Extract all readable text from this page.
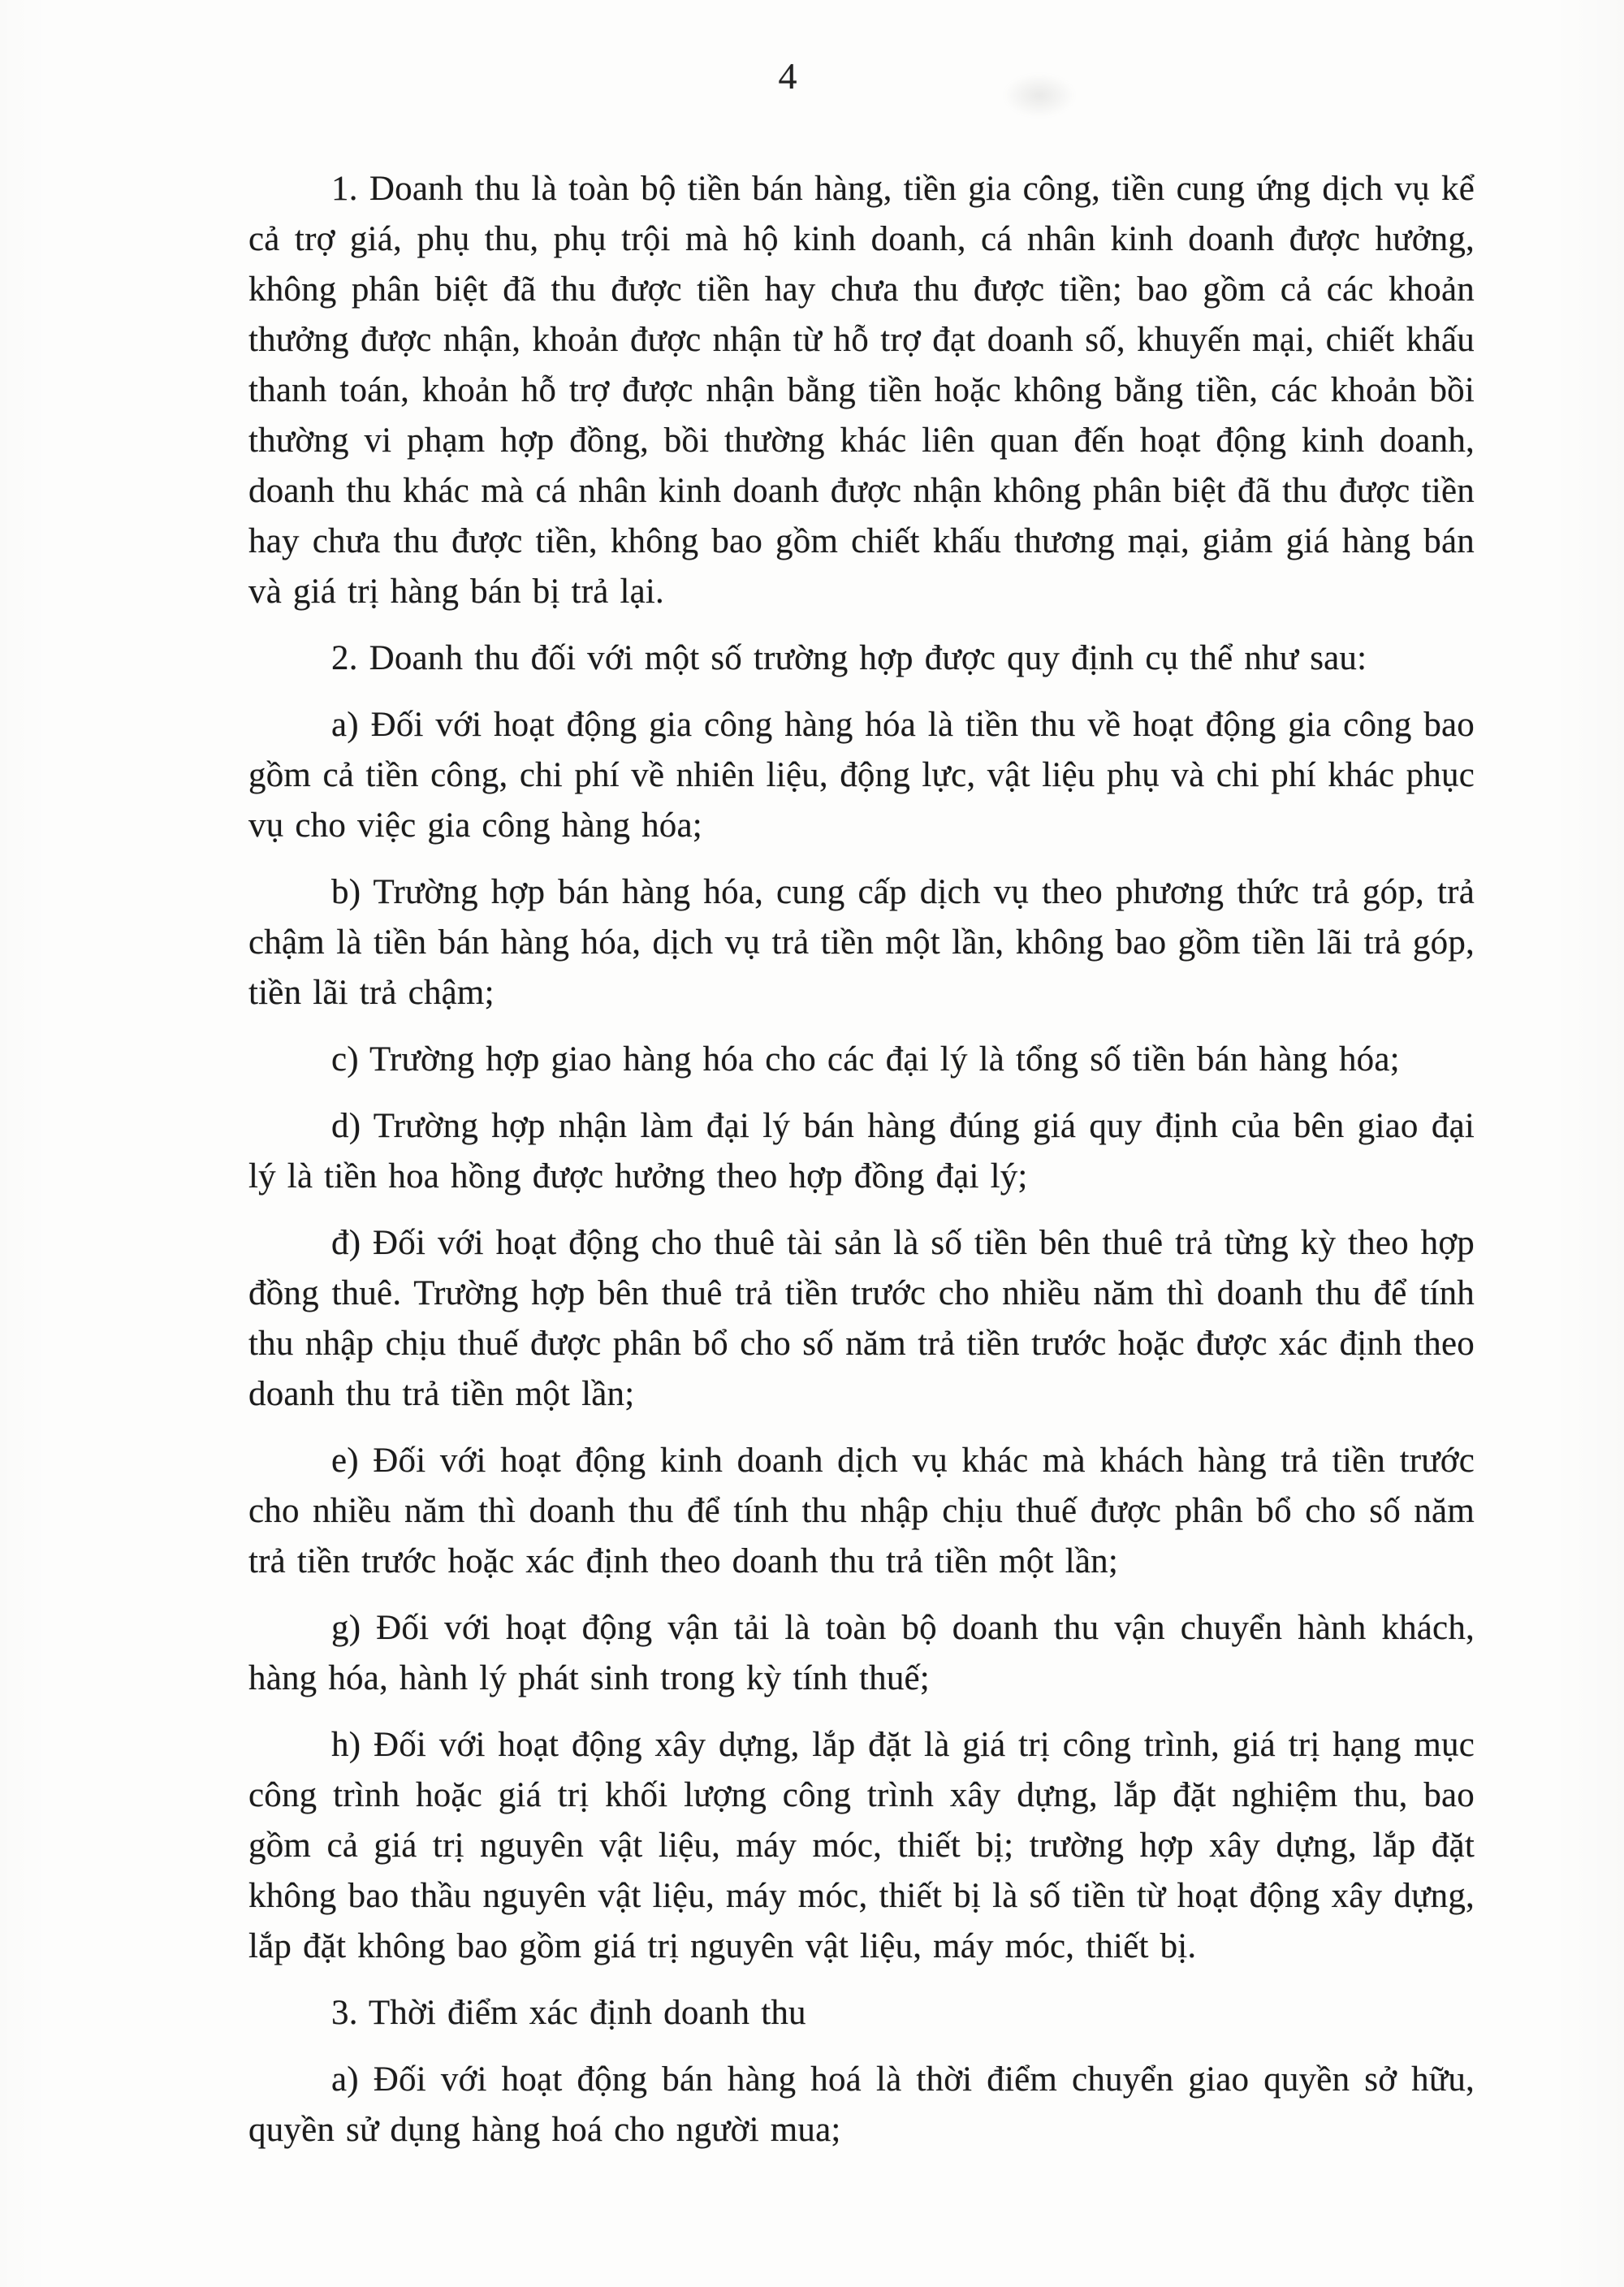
4

1. Doanh thu là toàn bộ tiền bán hàng, tiền gia công, tiền cung ứng dịch vụ kể cả trợ giá, phụ thu, phụ trội mà hộ kinh doanh, cá nhân kinh doanh được hưởng, không phân biệt đã thu được tiền hay chưa thu được tiền; bao gồm cả các khoản thưởng được nhận, khoản được nhận từ hỗ trợ đạt doanh số, khuyến mại, chiết khấu thanh toán, khoản hỗ trợ được nhận bằng tiền hoặc không bằng tiền, các khoản bồi thường vi phạm hợp đồng, bồi thường khác liên quan đến hoạt động kinh doanh, doanh thu khác mà cá nhân kinh doanh được nhận không phân biệt đã thu được tiền hay chưa thu được tiền, không bao gồm chiết khấu thương mại, giảm giá hàng bán và giá trị hàng bán bị trả lại.

2. Doanh thu đối với một số trường hợp được quy định cụ thể như sau:

a) Đối với hoạt động gia công hàng hóa là tiền thu về hoạt động gia công bao gồm cả tiền công, chi phí về nhiên liệu, động lực, vật liệu phụ và chi phí khác phục vụ cho việc gia công hàng hóa;

b) Trường hợp bán hàng hóa, cung cấp dịch vụ theo phương thức trả góp, trả chậm là tiền bán hàng hóa, dịch vụ trả tiền một lần, không bao gồm tiền lãi trả góp, tiền lãi trả chậm;

c) Trường hợp giao hàng hóa cho các đại lý là tổng số tiền bán hàng hóa;

d) Trường hợp nhận làm đại lý bán hàng đúng giá quy định của bên giao đại lý là tiền hoa hồng được hưởng theo hợp đồng đại lý;

đ) Đối với hoạt động cho thuê tài sản là số tiền bên thuê trả từng kỳ theo hợp đồng thuê. Trường hợp bên thuê trả tiền trước cho nhiều năm thì doanh thu để tính thu nhập chịu thuế được phân bổ cho số năm trả tiền trước hoặc được xác định theo doanh thu trả tiền một lần;

e) Đối với hoạt động kinh doanh dịch vụ khác mà khách hàng trả tiền trước cho nhiều năm thì doanh thu để tính thu nhập chịu thuế được phân bổ cho số năm trả tiền trước hoặc xác định theo doanh thu trả tiền một lần;

g) Đối với hoạt động vận tải là toàn bộ doanh thu vận chuyển hành khách, hàng hóa, hành lý phát sinh trong kỳ tính thuế;

h) Đối với hoạt động xây dựng, lắp đặt là giá trị công trình, giá trị hạng mục công trình hoặc giá trị khối lượng công trình xây dựng, lắp đặt nghiệm thu, bao gồm cả giá trị nguyên vật liệu, máy móc, thiết bị; trường hợp xây dựng, lắp đặt không bao thầu nguyên vật liệu, máy móc, thiết bị là số tiền từ hoạt động xây dựng, lắp đặt không bao gồm giá trị nguyên vật liệu, máy móc, thiết bị.

3. Thời điểm xác định doanh thu

a) Đối với hoạt động bán hàng hoá là thời điểm chuyển giao quyền sở hữu, quyền sử dụng hàng hoá cho người mua;
